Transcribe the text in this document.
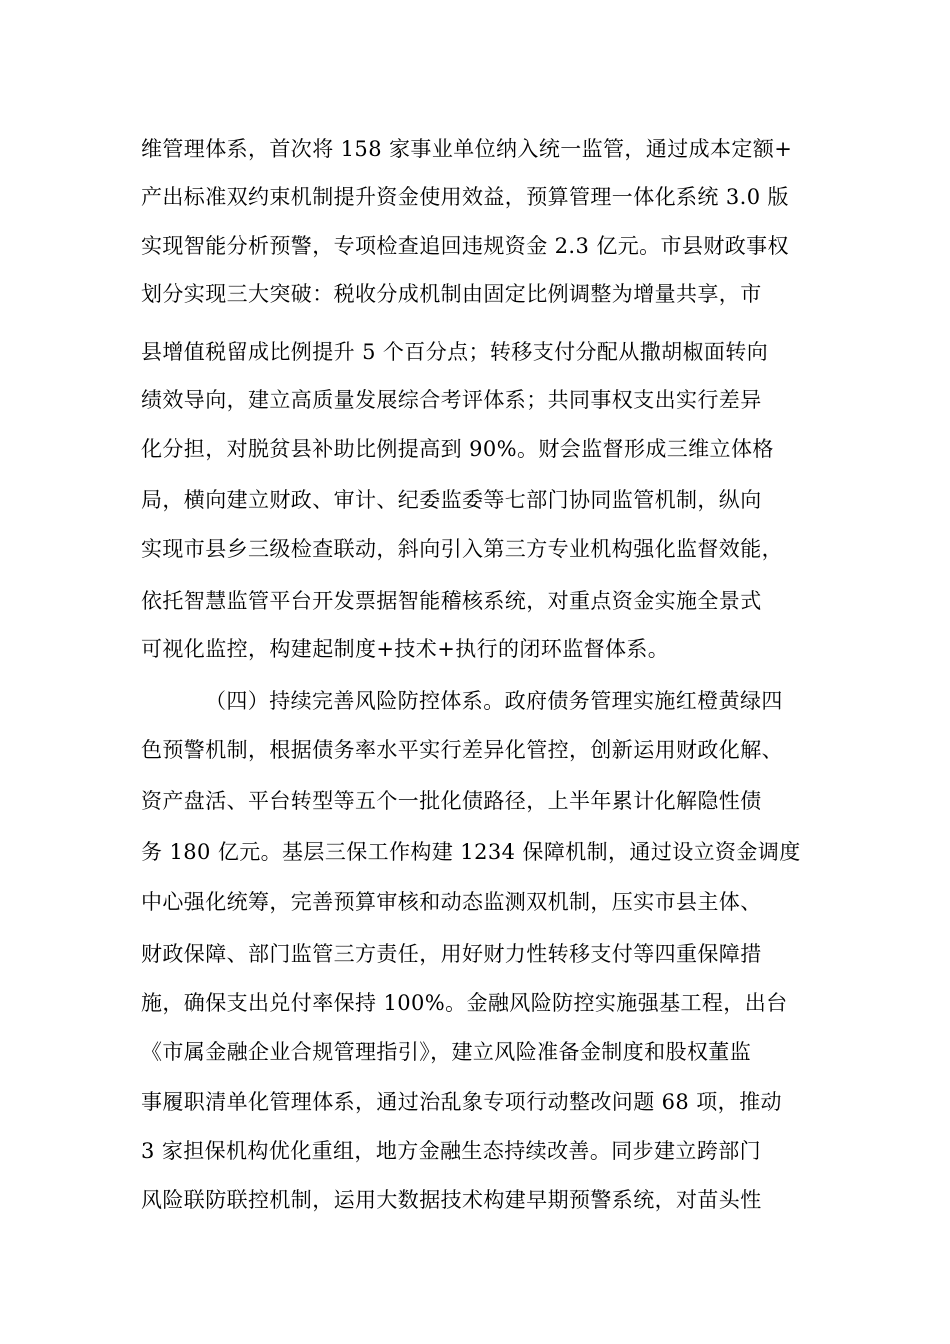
维管理体系，首次将 158 家事业单位纳入统一监管，通过成本定额+
产出标准双约束机制提升资金使用效益，预算管理一体化系统 3.0 版
实现智能分析预警，专项检查追回违规资金 2.3 亿元。市县财政事权
划分实现三大突破：税收分成机制由固定比例调整为增量共享，市
县增值税留成比例提升 5 个百分点；转移支付分配从撒胡椒面转向
绩效导向，建立高质量发展综合考评体系；共同事权支出实行差异
化分担，对脱贫县补助比例提高到 90%。财会监督形成三维立体格
局，横向建立财政、审计、纪委监委等七部门协同监管机制，纵向
实现市县乡三级检查联动，斜向引入第三方专业机构强化监督效能，
依托智慧监管平台开发票据智能稽核系统，对重点资金实施全景式
可视化监控，构建起制度+技术+执行的闭环监督体系。
（四）持续完善风险防控体系。政府债务管理实施红橙黄绿四
色预警机制，根据债务率水平实行差异化管控，创新运用财政化解、
资产盘活、平台转型等五个一批化债路径，上半年累计化解隐性债
务 180 亿元。基层三保工作构建 1234 保障机制，通过设立资金调度
中心强化统筹，完善预算审核和动态监测双机制，压实市县主体、
财政保障、部门监管三方责任，用好财力性转移支付等四重保障措
施，确保支出兑付率保持 100%。金融风险防控实施强基工程，出台
《市属金融企业合规管理指引》，建立风险准备金制度和股权董监
事履职清单化管理体系，通过治乱象专项行动整改问题 68 项，推动
3 家担保机构优化重组，地方金融生态持续改善。同步建立跨部门
风险联防联控机制，运用大数据技术构建早期预警系统，对苗头性
